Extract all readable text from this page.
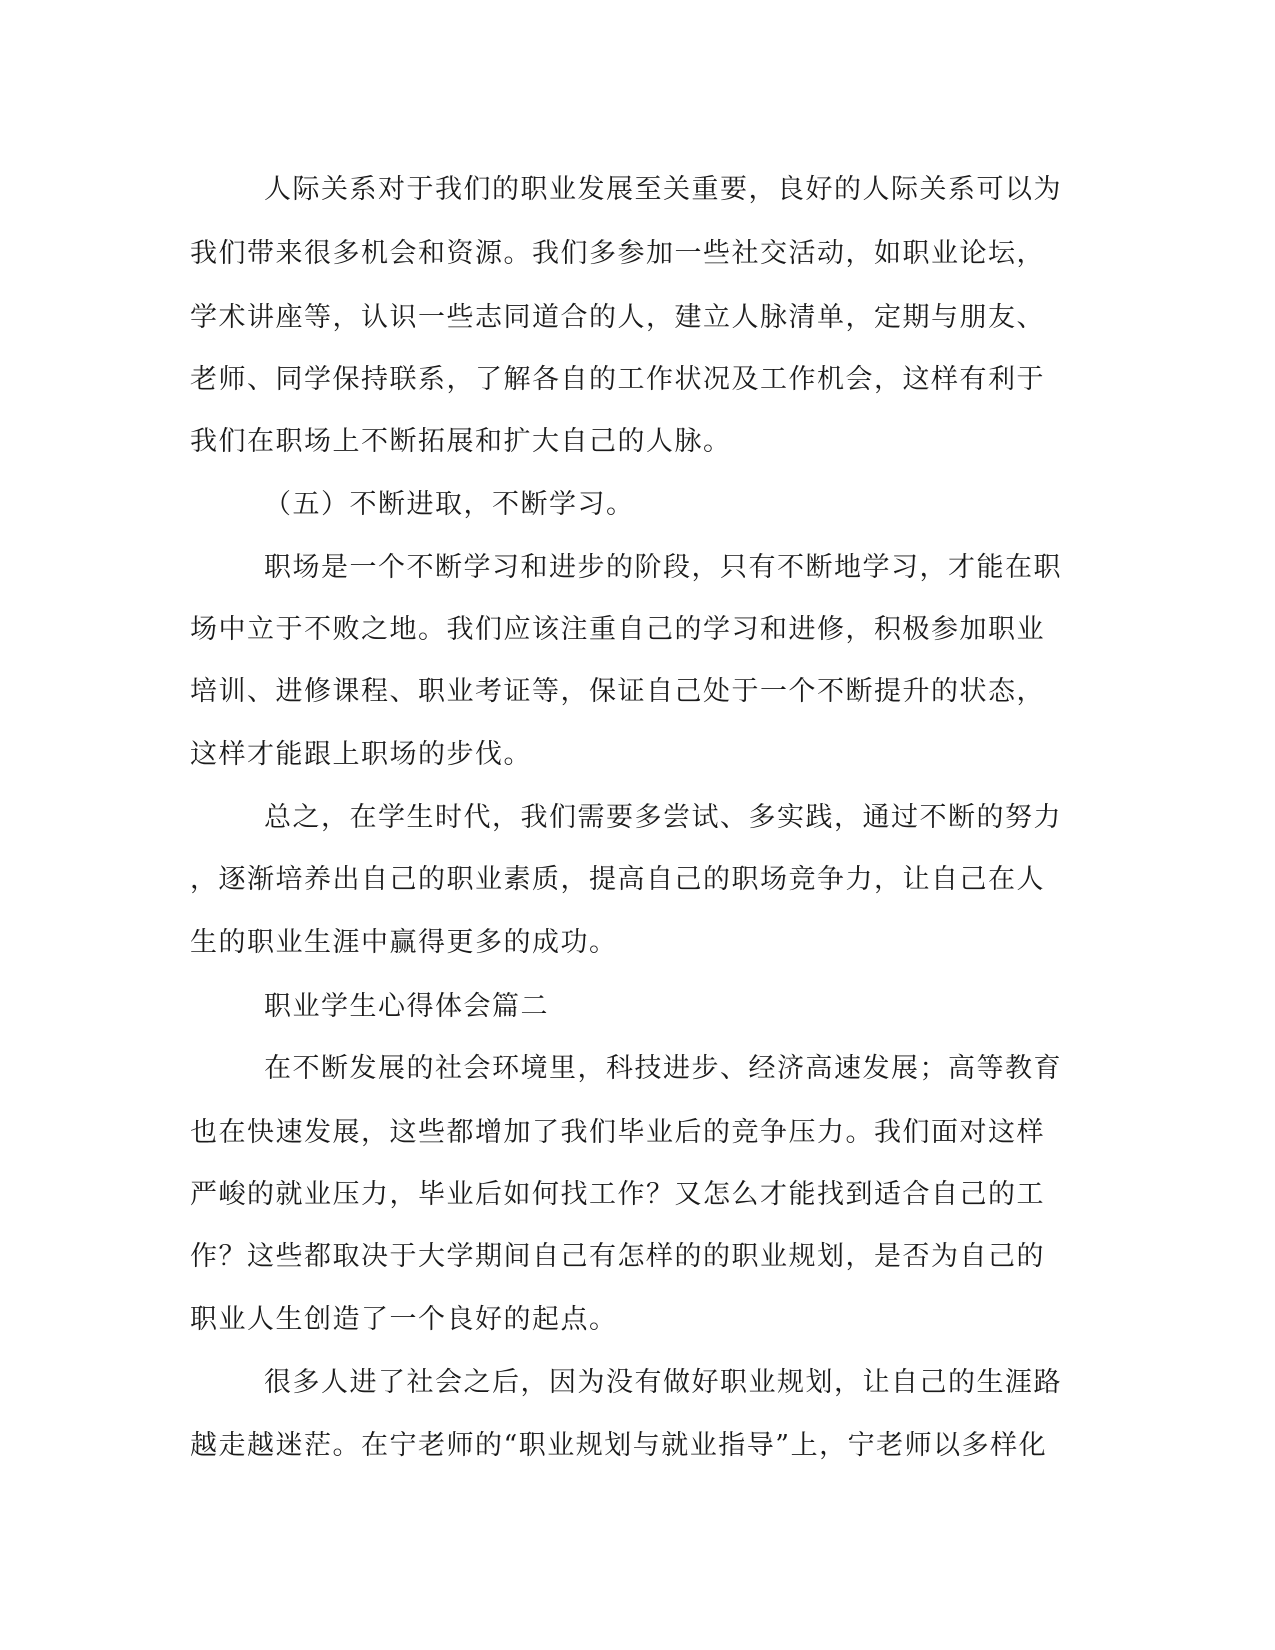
人际关系对于我们的职业发展至关重要，良好的人际关系可以为

我们带来很多机会和资源。我们多参加一些社交活动，如职业论坛，

学术讲座等，认识一些志同道合的人，建立人脉清单，定期与朋友、

老师、同学保持联系，了解各自的工作状况及工作机会，这样有利于

我们在职场上不断拓展和扩大自己的人脉。

（五）不断进取，不断学习。

职场是一个不断学习和进步的阶段，只有不断地学习，才能在职

场中立于不败之地。我们应该注重自己的学习和进修，积极参加职业

培训、进修课程、职业考证等，保证自己处于一个不断提升的状态，

这样才能跟上职场的步伐。

总之，在学生时代，我们需要多尝试、多实践，通过不断的努力

，逐渐培养出自己的职业素质，提高自己的职场竞争力，让自己在人

生的职业生涯中赢得更多的成功。

职业学生心得体会篇二

在不断发展的社会环境里，科技进步、经济高速发展；高等教育

也在快速发展，这些都增加了我们毕业后的竞争压力。我们面对这样

严峻的就业压力，毕业后如何找工作？又怎么才能找到适合自己的工

作？这些都取决于大学期间自己有怎样的的职业规划，是否为自己的

职业人生创造了一个良好的起点。

很多人进了社会之后，因为没有做好职业规划，让自己的生涯路

越走越迷茫。在宁老师的“职业规划与就业指导”上，宁老师以多样化
